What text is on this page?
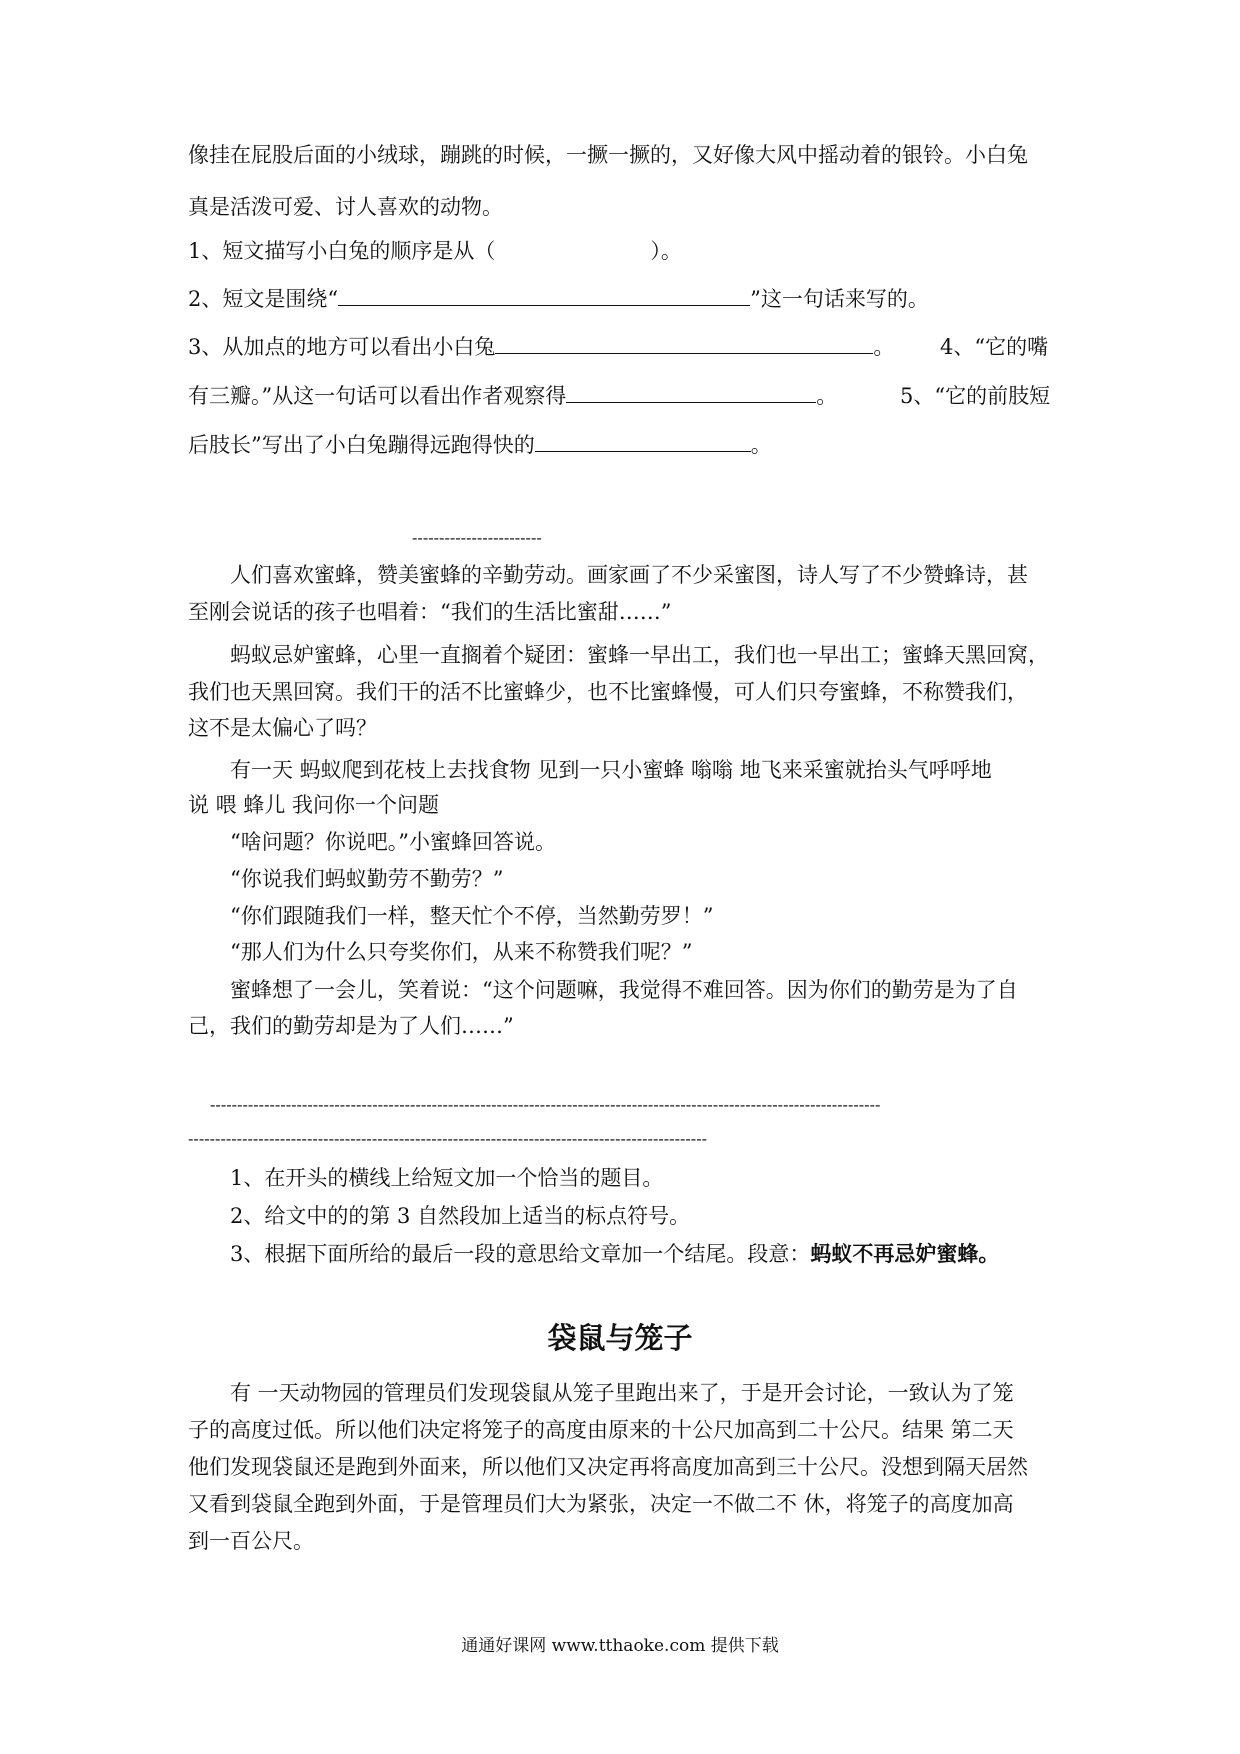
像挂在屁股后面的小绒球，蹦跳的时候，一撅一撅的，又好像大风中摇动着的银铃。小白兔
真是活泼可爱、讨人喜欢的动物。
1、短文描写小白兔的顺序是从（	）。
2、短文是围绕“	”这一句话来写的。
3、从加点的地方可以看出小白兔	。 4、“它的嘴
有三瓣。”从这一句话可以看出作者观察得	。	5、“它的前肢短
后肢长”写出了小白兔蹦得远跑得快的	。
------------------------
人们喜欢蜜蜂，赞美蜜蜂的辛勤劳动。画家画了不少采蜜图，诗人写了不少赞蜂诗，甚
至刚会说话的孩子也唱着：“我们的生活比蜜甜……”
蚂蚁忌妒蜜蜂，心里一直搁着个疑团：蜜蜂一早出工，我们也一早出工；蜜蜂天黑回窝，
我们也天黑回窝。我们干的活不比蜜蜂少，也不比蜜蜂慢，可人们只夸蜜蜂，不称赞我们，
这不是太偏心了吗？
有一天 蚂蚁爬到花枝上去找食物 见到一只小蜜蜂 嗡嗡 地飞来采蜜就抬头气呼呼地
说 喂 蜂儿 我问你一个问题
“啥问题？你说吧。”小蜜蜂回答说。
“你说我们蚂蚁勤劳不勤劳？”
“你们跟随我们一样，整天忙个不停，当然勤劳罗！”
“那人们为什么只夸奖你们，从来不称赞我们呢？”
蜜蜂想了一会儿，笑着说：“这个问题嘛，我觉得不难回答。因为你们的勤劳是为了自
己，我们的勤劳却是为了人们……”
----------------------------------------------------------------------------------------------------------------------------
------------------------------------------------------------------------------------------------
1、在开头的横线上给短文加一个恰当的题目。
2、给文中的的第 3 自然段加上适当的标点符号。
3、根据下面所给的最后一段的意思给文章加一个结尾。段意：蚂蚁不再忌妒蜜蜂。
袋鼠与笼子
有 一天动物园的管理员们发现袋鼠从笼子里跑出来了，于是开会讨论，一致认为了笼
子的高度过低。所以他们决定将笼子的高度由原来的十公尺加高到二十公尺。结果 第二天
他们发现袋鼠还是跑到外面来，所以他们又决定再将高度加高到三十公尺。没想到隔天居然
又看到袋鼠全跑到外面，于是管理员们大为紧张，决定一不做二不 休，将笼子的高度加高
到一百公尺。
通通好课网 www.tthaoke.com 提供下载
